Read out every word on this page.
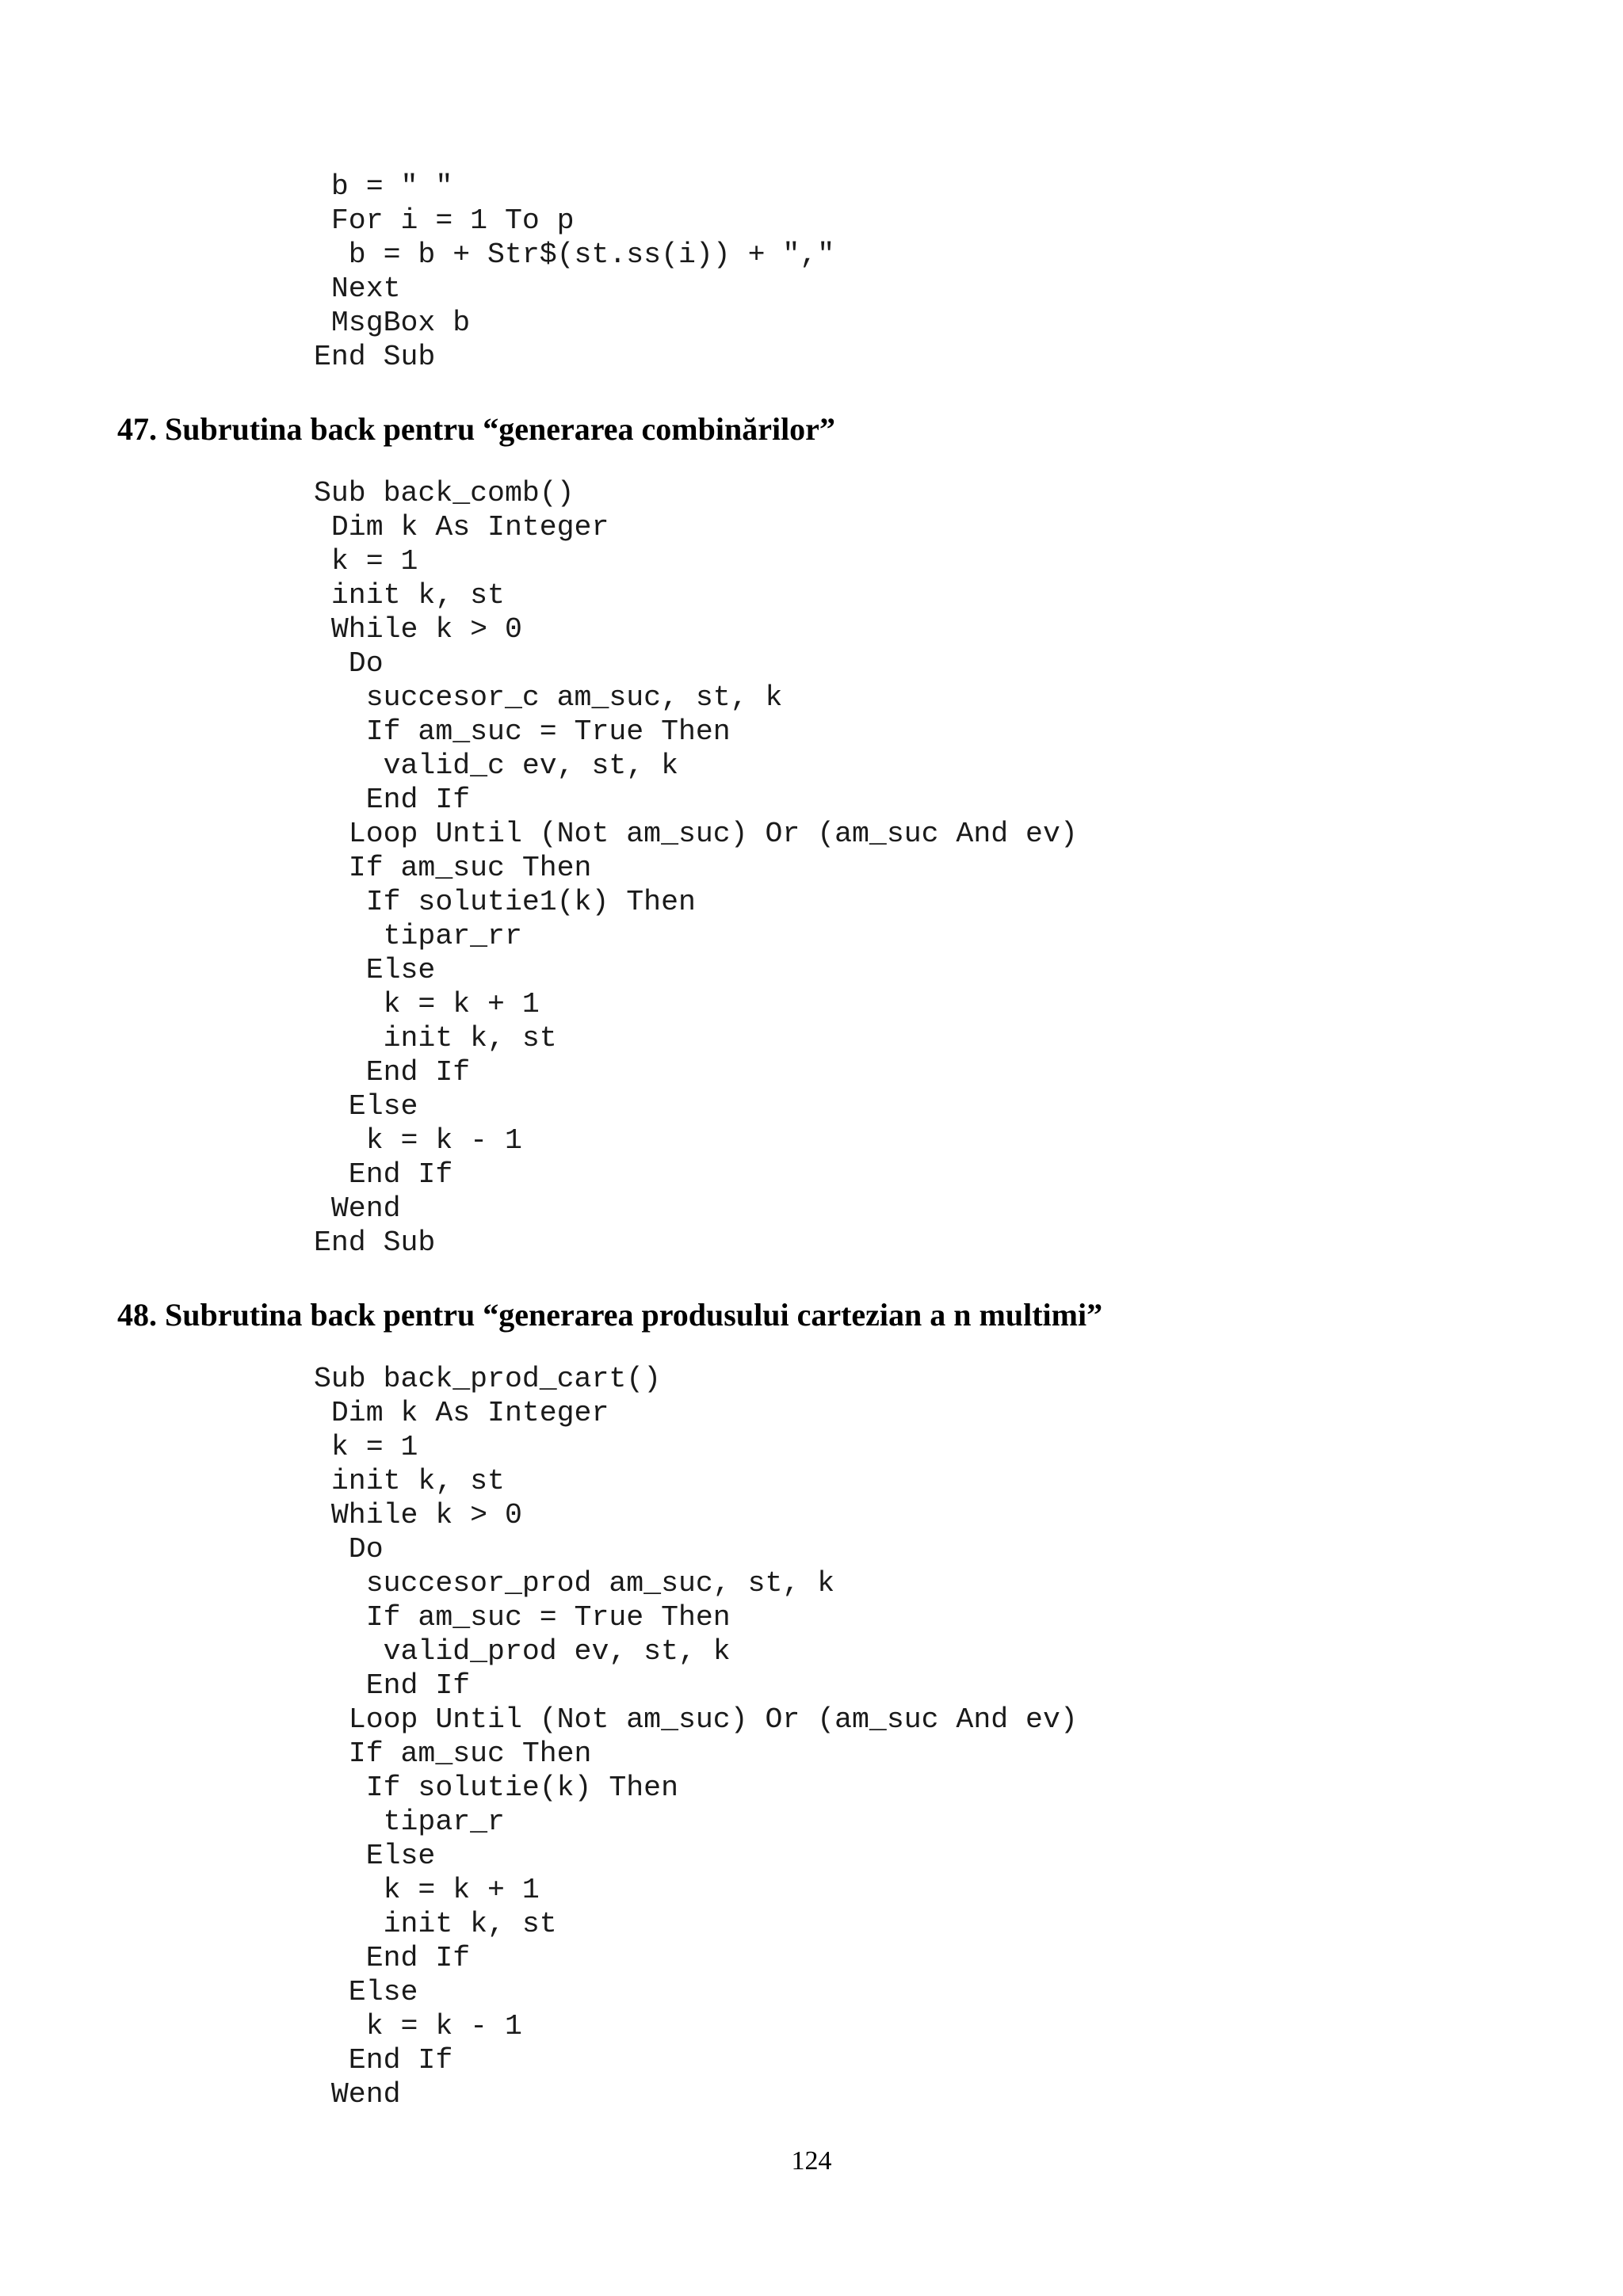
b = " "
For i = 1 To p
b = b + Str$(st.ss(i)) + ","
Next
MsgBox b
End Sub
47. Subrutina back pentru “generarea combinărilor”
Sub back_comb()
Dim k As Integer
k = 1
init k, st
While k > 0
Do
succesor_c am_suc, st, k
If am_suc = True Then
valid_c ev, st, k
End If
Loop Until (Not am_suc) Or (am_suc And ev)
If am_suc Then
If solutie1(k) Then
tipar_rr
Else
k = k + 1
init k, st
End If
Else
k = k - 1
End If
Wend
End Sub
48. Subrutina back pentru “generarea produsului cartezian a n multimi”
Sub back_prod_cart()
Dim k As Integer
k = 1
init k, st
While k > 0
Do
succesor_prod am_suc, st, k
If am_suc = True Then
valid_prod ev, st, k
End If
Loop Until (Not am_suc) Or (am_suc And ev)
If am_suc Then
If solutie(k) Then
tipar_r
Else
k = k + 1
init k, st
End If
Else
k = k - 1
End If
Wend
124
